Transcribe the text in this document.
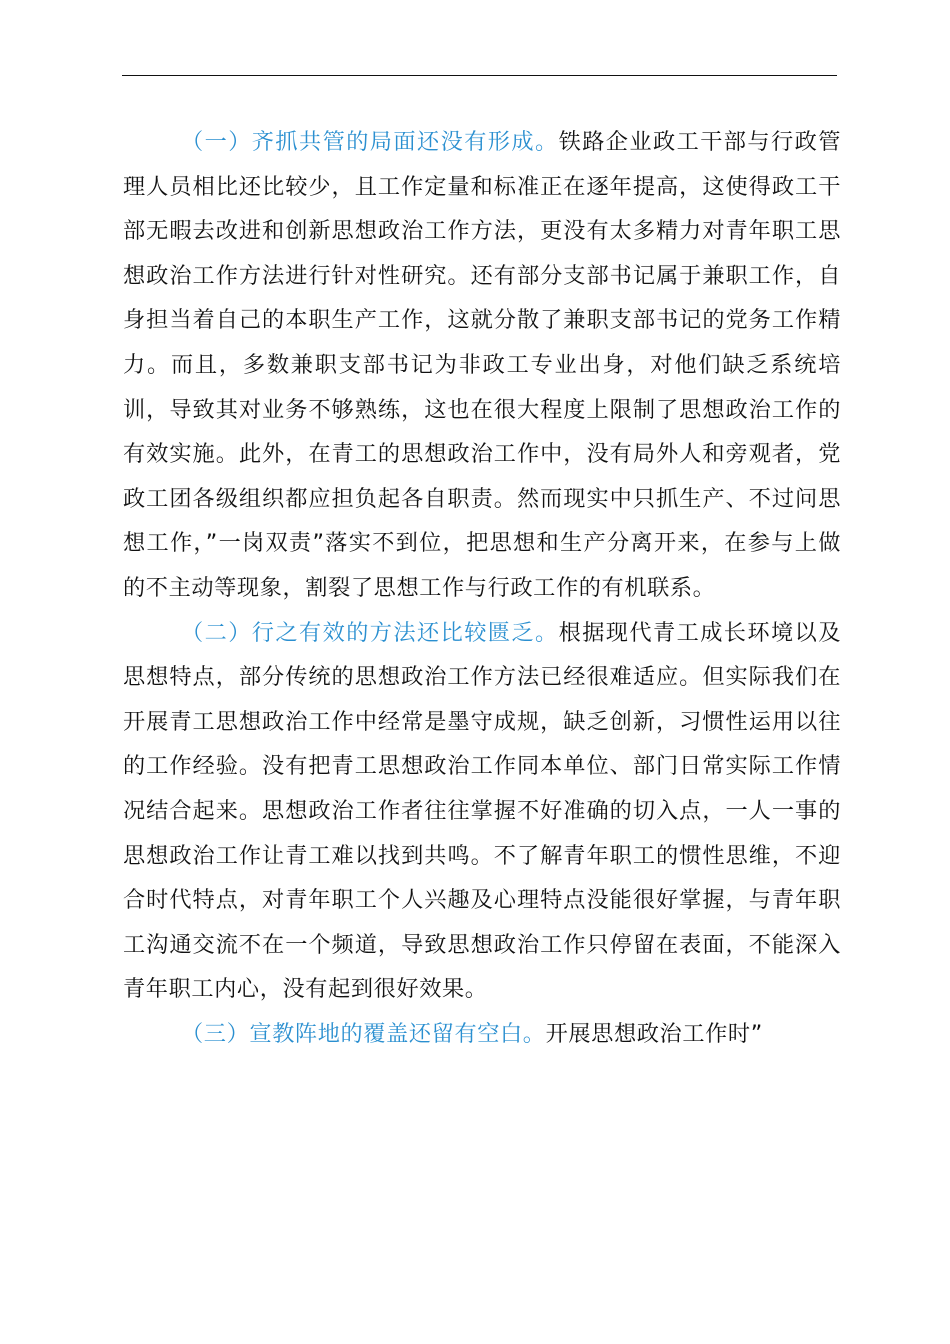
（一）齐抓共管的局面还没有形成。铁路企业政工干部与行政管理人员相比还比较少，且工作定量和标准正在逐年提高，这使得政工干部无暇去改进和创新思想政治工作方法，更没有太多精力对青年职工思想政治工作方法进行针对性研究。还有部分支部书记属于兼职工作，自身担当着自己的本职生产工作，这就分散了兼职支部书记的党务工作精力。而且，多数兼职支部书记为非政工专业出身，对他们缺乏系统培训，导致其对业务不够熟练，这也在很大程度上限制了思想政治工作的有效实施。此外，在青工的思想政治工作中，没有局外人和旁观者，党政工团各级组织都应担负起各自职责。然而现实中只抓生产、不过问思想工作，”一岗双责”落实不到位，把思想和生产分离开来，在参与上做的不主动等现象，割裂了思想工作与行政工作的有机联系。

（二）行之有效的方法还比较匮乏。根据现代青工成长环境以及思想特点，部分传统的思想政治工作方法已经很难适应。但实际我们在开展青工思想政治工作中经常是墨守成规，缺乏创新，习惯性运用以往的工作经验。没有把青工思想政治工作同本单位、部门日常实际工作情况结合起来。思想政治工作者往往掌握不好准确的切入点，一人一事的思想政治工作让青工难以找到共鸣。不了解青年职工的惯性思维，不迎合时代特点，对青年职工个人兴趣及心理特点没能很好掌握，与青年职工沟通交流不在一个频道，导致思想政治工作只停留在表面，不能深入青年职工内心，没有起到很好效果。

（三）宣教阵地的覆盖还留有空白。开展思想政治工作时”
